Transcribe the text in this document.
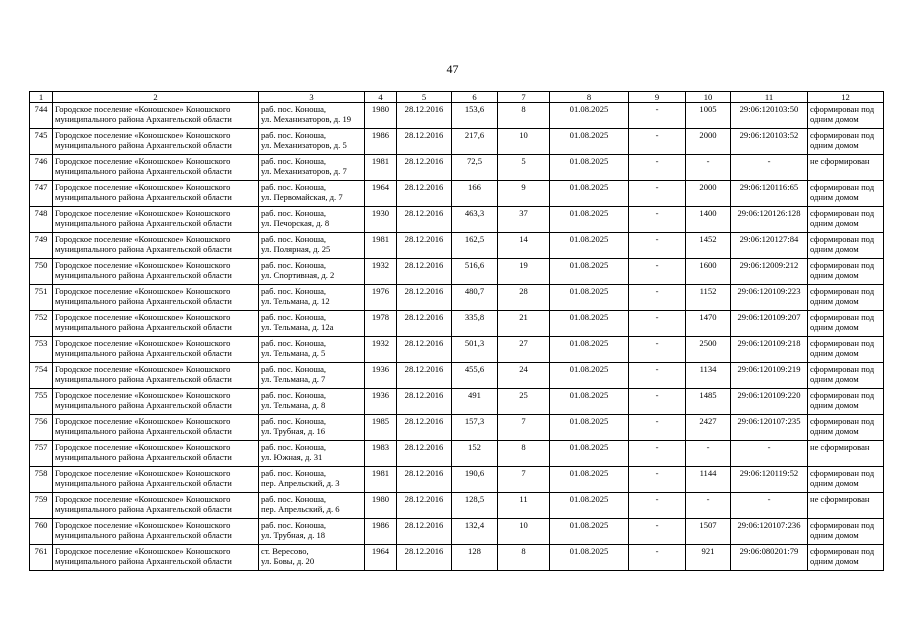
47
1	2	3	4	5	6	7	8	9	10	11	12

744	Городское поселение «Коношское» Коношского
муниципального района Архангельской области	раб. пос. Коноша,
ул. Механизаторов, д. 19	1980	28.12.2016	153,6	8	01.08.2025	-	1005	29:06:120103:50	сформирован под
одним домом

745	Городское поселение «Коношское» Коношского
муниципального района Архангельской области	раб. пос. Коноша,
ул. Механизаторов, д. 5	1986	28.12.2016	217,6	10	01.08.2025	-	2000	29:06:120103:52	сформирован под
одним домом

746	Городское поселение «Коношское» Коношского
муниципального района Архангельской области	раб. пос. Коноша,
ул. Механизаторов, д. 7	1981	28.12.2016	72,5	5	01.08.2025	-	-	-	не сформирован

747	Городское поселение «Коношское» Коношского
муниципального района Архангельской области	раб. пос. Коноша,
ул. Первомайская, д. 7	1964	28.12.2016	166	9	01.08.2025	-	2000	29:06:120116:65	сформирован под
одним домом

748	Городское поселение «Коношское» Коношского
муниципального района Архангельской области	раб. пос. Коноша,
ул. Печорская, д. 8	1930	28.12.2016	463,3	37	01.08.2025	-	1400	29:06:120126:128	сформирован под
одним домом

749	Городское поселение «Коношское» Коношского
муниципального района Архангельской области	раб. пос. Коноша,
ул. Полярная, д. 25	1981	28.12.2016	162,5	14	01.08.2025	-	1452	29:06:120127:84	сформирован под
одним домом

750	Городское поселение «Коношское» Коношского
муниципального района Архангельской области	раб. пос. Коноша,
ул. Спортивная, д. 2	1932	28.12.2016	516,6	19	01.08.2025	-	1600	29:06:12009:212	сформирован под
одним домом

751	Городское поселение «Коношское» Коношского
муниципального района Архангельской области	раб. пос. Коноша,
ул. Тельмана, д. 12	1976	28.12.2016	480,7	28	01.08.2025	-	1152	29:06:120109:223	сформирован под
одним домом

752	Городское поселение «Коношское» Коношского
муниципального района Архангельской области	раб. пос. Коноша,
ул. Тельмана, д. 12а	1978	28.12.2016	335,8	21	01.08.2025	-	1470	29:06:120109:207	сформирован под
одним домом

753	Городское поселение «Коношское» Коношского
муниципального района Архангельской области	раб. пос. Коноша,
ул. Тельмана, д. 5	1932	28.12.2016	501,3	27	01.08.2025	-	2500	29:06:120109:218	сформирован под
одним домом

754	Городское поселение «Коношское» Коношского
муниципального района Архангельской области	раб. пос. Коноша,
ул. Тельмана, д. 7	1936	28.12.2016	455,6	24	01.08.2025	-	1134	29:06:120109:219	сформирован под
одним домом

755	Городское поселение «Коношское» Коношского
муниципального района Архангельской области	раб. пос. Коноша,
ул. Тельмана, д. 8	1936	28.12.2016	491	25	01.08.2025	-	1485	29:06:120109:220	сформирован под
одним домом

756	Городское поселение «Коношское» Коношского
муниципального района Архангельской области	раб. пос. Коноша,
ул. Трубная, д. 16	1985	28.12.2016	157,3	7	01.08.2025	-	2427	29:06:120107:235	сформирован под
одним домом

757	Городское поселение «Коношское» Коношского
муниципального района Архангельской области	раб. пос. Коноша,
ул. Южная, д. 31	1983	28.12.2016	152	8	01.08.2025	-	-	-	не сформирован

758	Городское поселение «Коношское» Коношского
муниципального района Архангельской области	раб. пос. Коноша,
пер. Апрельский, д. 3	1981	28.12.2016	190,6	7	01.08.2025	-	1144	29:06:120119:52	сформирован под
одним домом

759	Городское поселение «Коношское» Коношского
муниципального района Архангельской области	раб. пос. Коноша,
пер. Апрельский, д. 6	1980	28.12.2016	128,5	11	01.08.2025	-	-	-	не сформирован

760	Городское поселение «Коношское» Коношского
муниципального района Архангельской области	раб. пос. Коноша,
ул. Трубная, д. 18	1986	28.12.2016	132,4	10	01.08.2025	-	1507	29:06:120107:236	сформирован под
одним домом

761	Городское поселение «Коношское» Коношского
муниципального района Архангельской области	ст. Вересово,
ул. Бовы, д. 20	1964	28.12.2016	128	8	01.08.2025	-	921	29:06:080201:79	сформирован под
одним домом
